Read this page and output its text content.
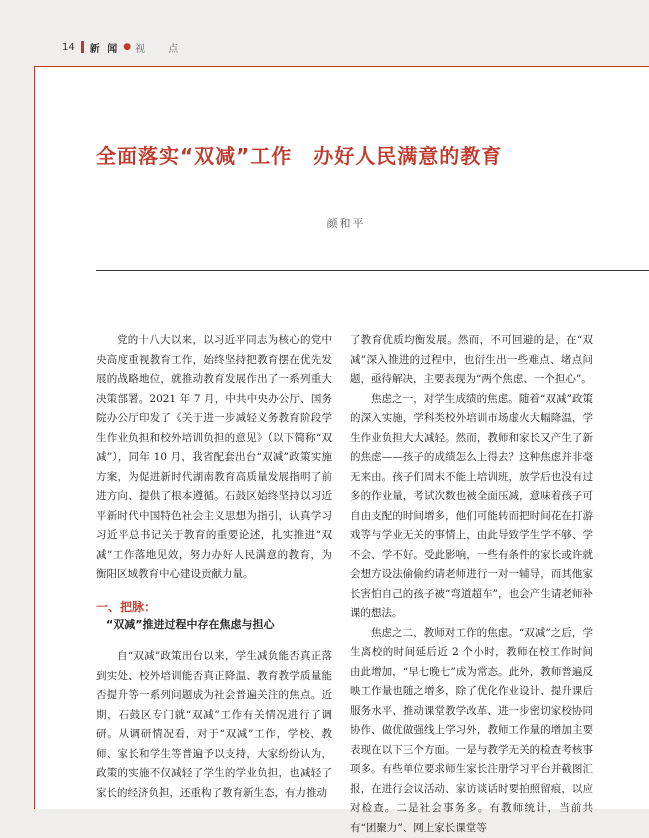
14 新 闻 ● 视 点
全面落实“双减”工作　办好人民满意的教育
颜和平

党的十八大以来，以习近平同志为核心的党中央高度重视教育工作，始终坚持把教育摆在优先发展的战略地位，就推动教育发展作出了一系列重大决策部署。2021 年 7 月，中共中央办公厅、国务院办公厅印发了《关于进一步减轻义务教育阶段学生作业负担和校外培训负担的意见》（以下简称“双减”），同年 10 月，我省配套出台“双减”政策实施方案，为促进新时代湖南教育高质量发展指明了前进方向、提供了根本遵循。石鼓区始终坚持以习近平新时代中国特色社会主义思想为指引，认真学习习近平总书记关于教育的重要论述，扎实推进“双减”工作落地见效，努力办好人民满意的教育，为衡阳区域教育中心建设贡献力量。

一、把脉：
“双减”推进过程中存在焦虑与担心

自“双减”政策出台以来，学生减负能否真正落到实处、校外培训能否真正降温、教育教学质量能否提升等一系列问题成为社会普遍关注的焦点。近期，石鼓区专门就“双减”工作有关情况进行了调研。从调研情况看，对于“双减”工作，学校、教师、家长和学生等普遍予以支持，大家纷纷认为，政策的实施不仅减轻了学生的学业负担，也减轻了家长的经济负担，还重构了教育新生态，有力推动

了教育优质均衡发展。然而，不可回避的是，在“双减”深入推进的过程中，也衍生出一些难点、堵点问题，亟待解决，主要表现为“两个焦虑、一个担心”。

焦虑之一，对学生成绩的焦虑。随着“双减”政策的深入实施，学科类校外培训市场虚火大幅降温，学生作业负担大大减轻。然而，教师和家长又产生了新的焦虑——孩子的成绩怎么上得去？这种焦虑并非毫无来由。孩子们周末不能上培训班，放学后也没有过多的作业量，考试次数也被全面压减，意味着孩子可自由支配的时间增多，他们可能转而把时间花在打游戏等与学业无关的事情上，由此导致学生学不够、学不会、学不好。受此影响，一些有条件的家长或许就会想方设法偷偷约请老师进行一对一辅导，而其他家长害怕自己的孩子被“弯道超车”，也会产生请老师补课的想法。

焦虑之二，教师对工作的焦虑。“双减”之后，学生离校的时间延后近 2 个小时，教师在校工作时间由此增加，“早七晚七”成为常态。此外，教师普遍反映工作量也随之增多，除了优化作业设计、提升课后服务水平、推动课堂教学改革、进一步密切家校协同协作、做优做强线上学习外，教师工作量的增加主要表现在以下三个方面。一是与教学无关的检查考核事项多。有些单位要求师生家长注册学习平台并截图汇报，在进行会议活动、家访谈话时要拍照留痕，以应对检查。二是社会事务多。有教师统计，当前共有“团聚力”、网上家长课堂等
